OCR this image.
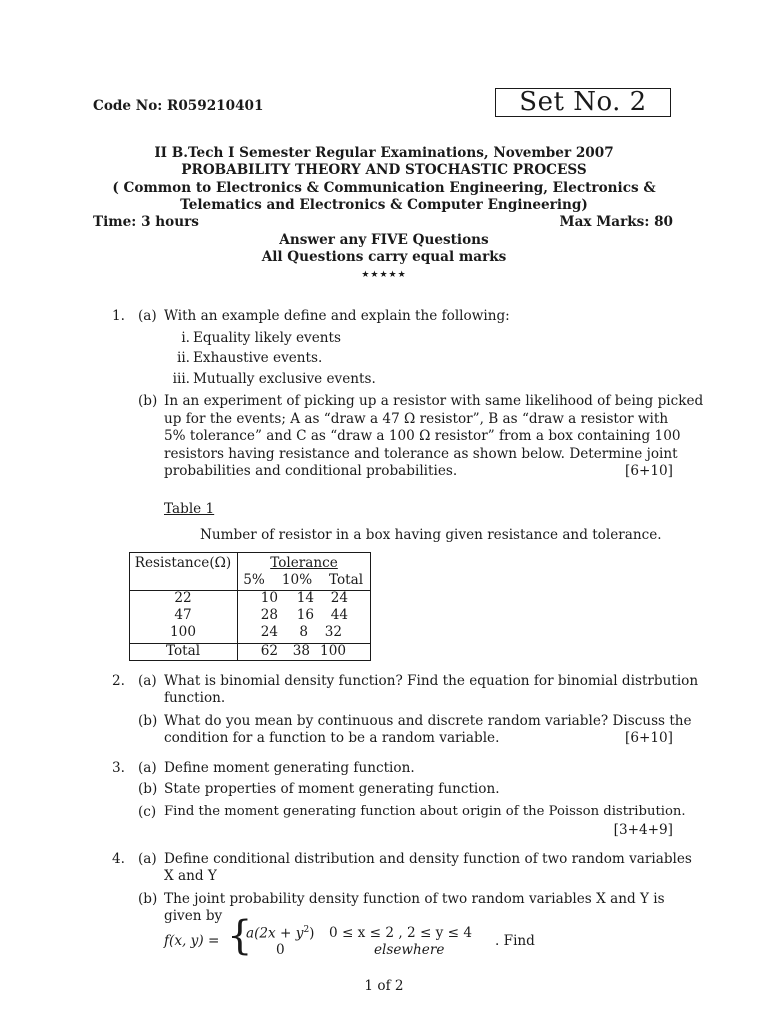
Code No: R059210401	Set No. 2
II B.Tech I Semester Regular Examinations, November 2007
PROBABILITY THEORY AND STOCHASTIC PROCESS
( Common to Electronics & Communication Engineering, Electronics &
Telematics and Electronics & Computer Engineering)
Time: 3 hours	Max Marks: 80
Answer any FIVE Questions
All Questions carry equal marks
★★★★★
1. (a) With an example define and explain the following:
i. Equality likely events
ii. Exhaustive events.
iii. Mutually exclusive events.
(b) In an experiment of picking up a resistor with same likelihood of being picked
up for the events; A as “draw a 47 Ω resistor”, B as “draw a resistor with
5% tolerance” and C as “draw a 100 Ω resistor” from a box containing 100
resistors having resistance and tolerance as shown below. Determine joint
probabilities and conditional probabilities.	[6+10]
Table 1
Number of resistor in a box having given resistance and tolerance.
Resistance(Ω)	Tolerance
5% 10% Total
22	10	14	24
47	28	16	44
100	24	8	32
Total	62	38 100
2. (a) What is binomial density function? Find the equation for binomial distrbution
function.
(b) What do you mean by continuous and discrete random variable? Discuss the
condition for a function to be a random variable.	[6+10]
3. (a) Define moment generating function.
(b) State properties of moment generating function.
(c) Find the moment generating function about origin of the Poisson distribution.
[3+4+9]
4. (a) Define conditional distribution and density function of two random variables
X and Y
(b) The joint probability density function of two random variables X and Y is
given by
f(x, y) = {
$a(2x + y^2)$ 0 ≤ x ≤ 2 , 2 ≤ y ≤ 4
0	elsewhere
. Find
1 of 2
